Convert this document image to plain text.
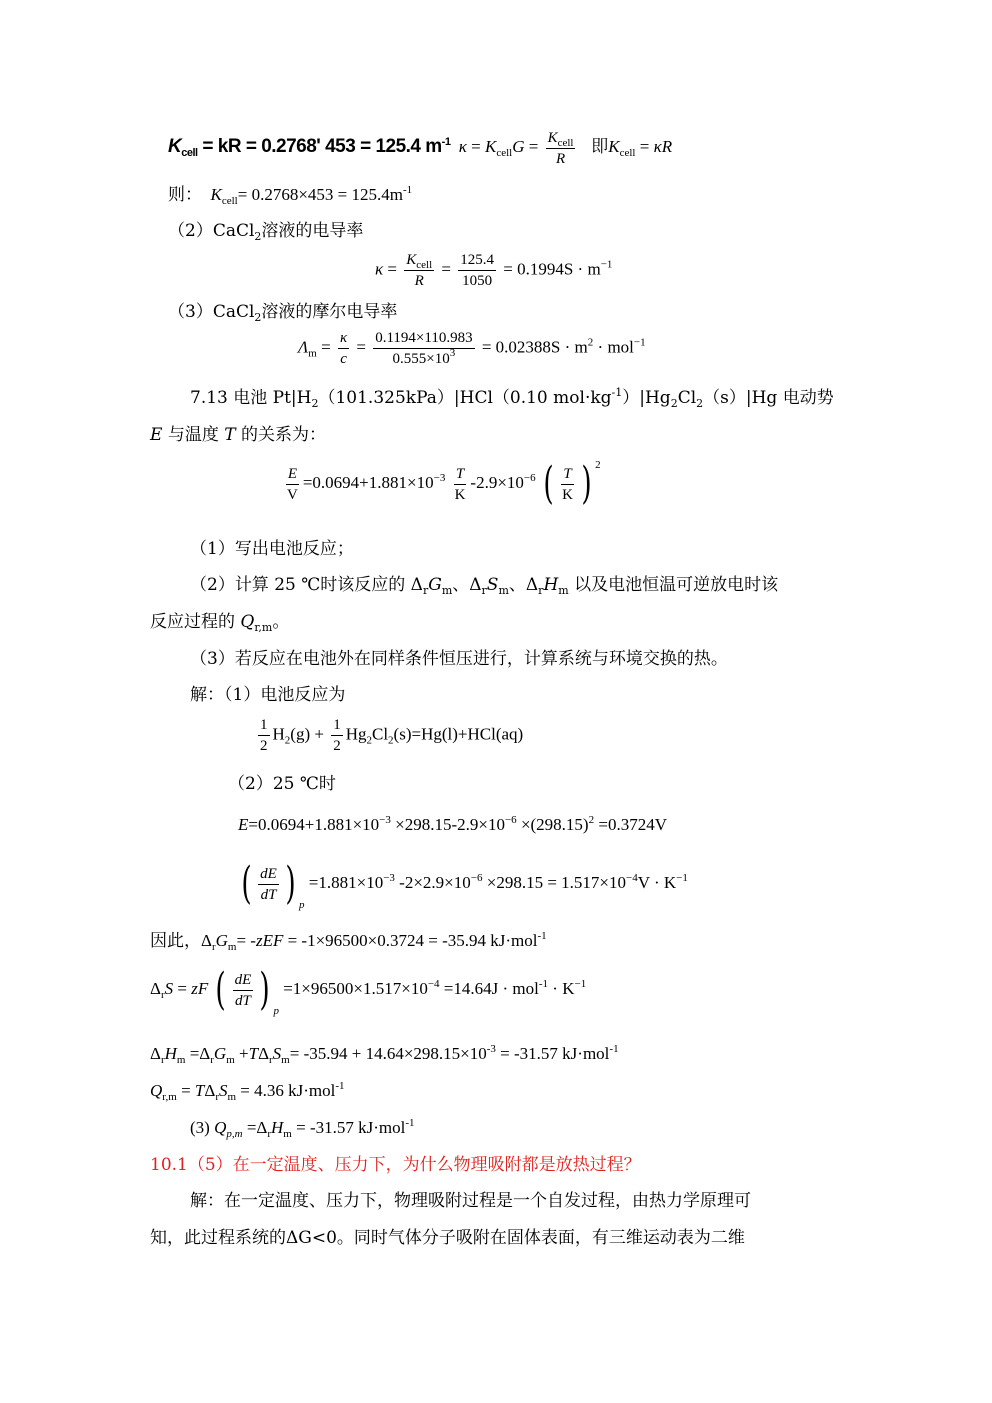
$K_{cell}$ = kR = 0.2768' 453 = 125.4 $m^{-1}$ $\kappa = K_{cell}G = K_{cell}$
R
即$K_{cell} = \kappa R$
则： $K_{cell}= 0.2768\times 453 = 125.4m^{-1}$
（2）CaCl$_2$溶液的电导率
$\kappa = K_{cell}$
R
= $\frac{125.4}{1050} = 0.1994S \cdot m^{-1}$
（3）CaCl$_2$溶液的摩尔电导率
$\Lambda_m = \frac{\kappa}{c} = \frac{0.1194\times 110.983}{0.555\times 10^3} = 0.02388S \cdot m^2 \cdot mol^{-1}$
7.13 电池 $Pt|H_2(101.325kPa)|HCl(0.10$ $mol\cdot kg^{-1})|Hg_2Cl_2(s)|Hg$ 电动势
E 与温度 T 的关系为：
$\frac{E}{V} =0.0694+1.881\times 10^{-3} \frac{T}{K} -2.9\times 10^{-6}$ ( $\frac{T}{K}$ ) $^2$
（1）写出电池反应；
（2）计算 25 ℃时该反应的 $\Delta_rG_m$、$\Delta_rS_m$、$\Delta_rH_m$ 以及电池恒温可逆放电时该
反应过程的 $Q_{r,m}$。
（3）若反应在电池外在同样条件恒压进行，计算系统与环境交换的热。
解：（1）电池反应为
$\frac{1}{2} H_2(g) + \frac{1}{2} Hg_2Cl_2(s)=Hg(l)+HCl(aq)$
（2）25 ℃时
$E=0.0694+1.881\times 10^{-3} \times 298.15-2.9\times 10^{-6} \times(298.15)^2 =0.3724V$
( $\frac{dE}{dT}$ ) $_p =1.881\times 10^{-3}$ $-2\times 2.9\times 10^{-6} \times 298.15 = 1.517\times 10^{-4}V \cdot K^{-1}$
因此，$\Delta_rG_m= -zEF = -1\times 96500\times 0.3724 = -35.94$ kJ·mol$^{-1}$
$\Delta_rS$ = zF ( $\frac{dE}{dT}$ ) $_p =1\times 96500\times 1.517\times 10^{-4} =14.64J \cdot mol^{-1} \cdot K^{-1}$
$\Delta_rH_m =\Delta_rG_m +T\Delta_rS_m= -35.94 + 14.64\times 298.15\times 10^{-3} = -31.57$ kJ·mol$^{-1}$
$Q_{r,m} = T\Delta_rS_m = 4.36$ kJ·mol$^{-1}$
(3) $Q_{p,m} =\Delta_rH_m = -31.57$ kJ·mol$^{-1}$
10.1（5）在一定温度、压力下，为什么物理吸附都是放热过程？
解：在一定温度、压力下，物理吸附过程是一个自发过程，由热力学原理可
知，此过程系统的ΔG<0。同时气体分子吸附在固体表面，有三维运动表为二维
